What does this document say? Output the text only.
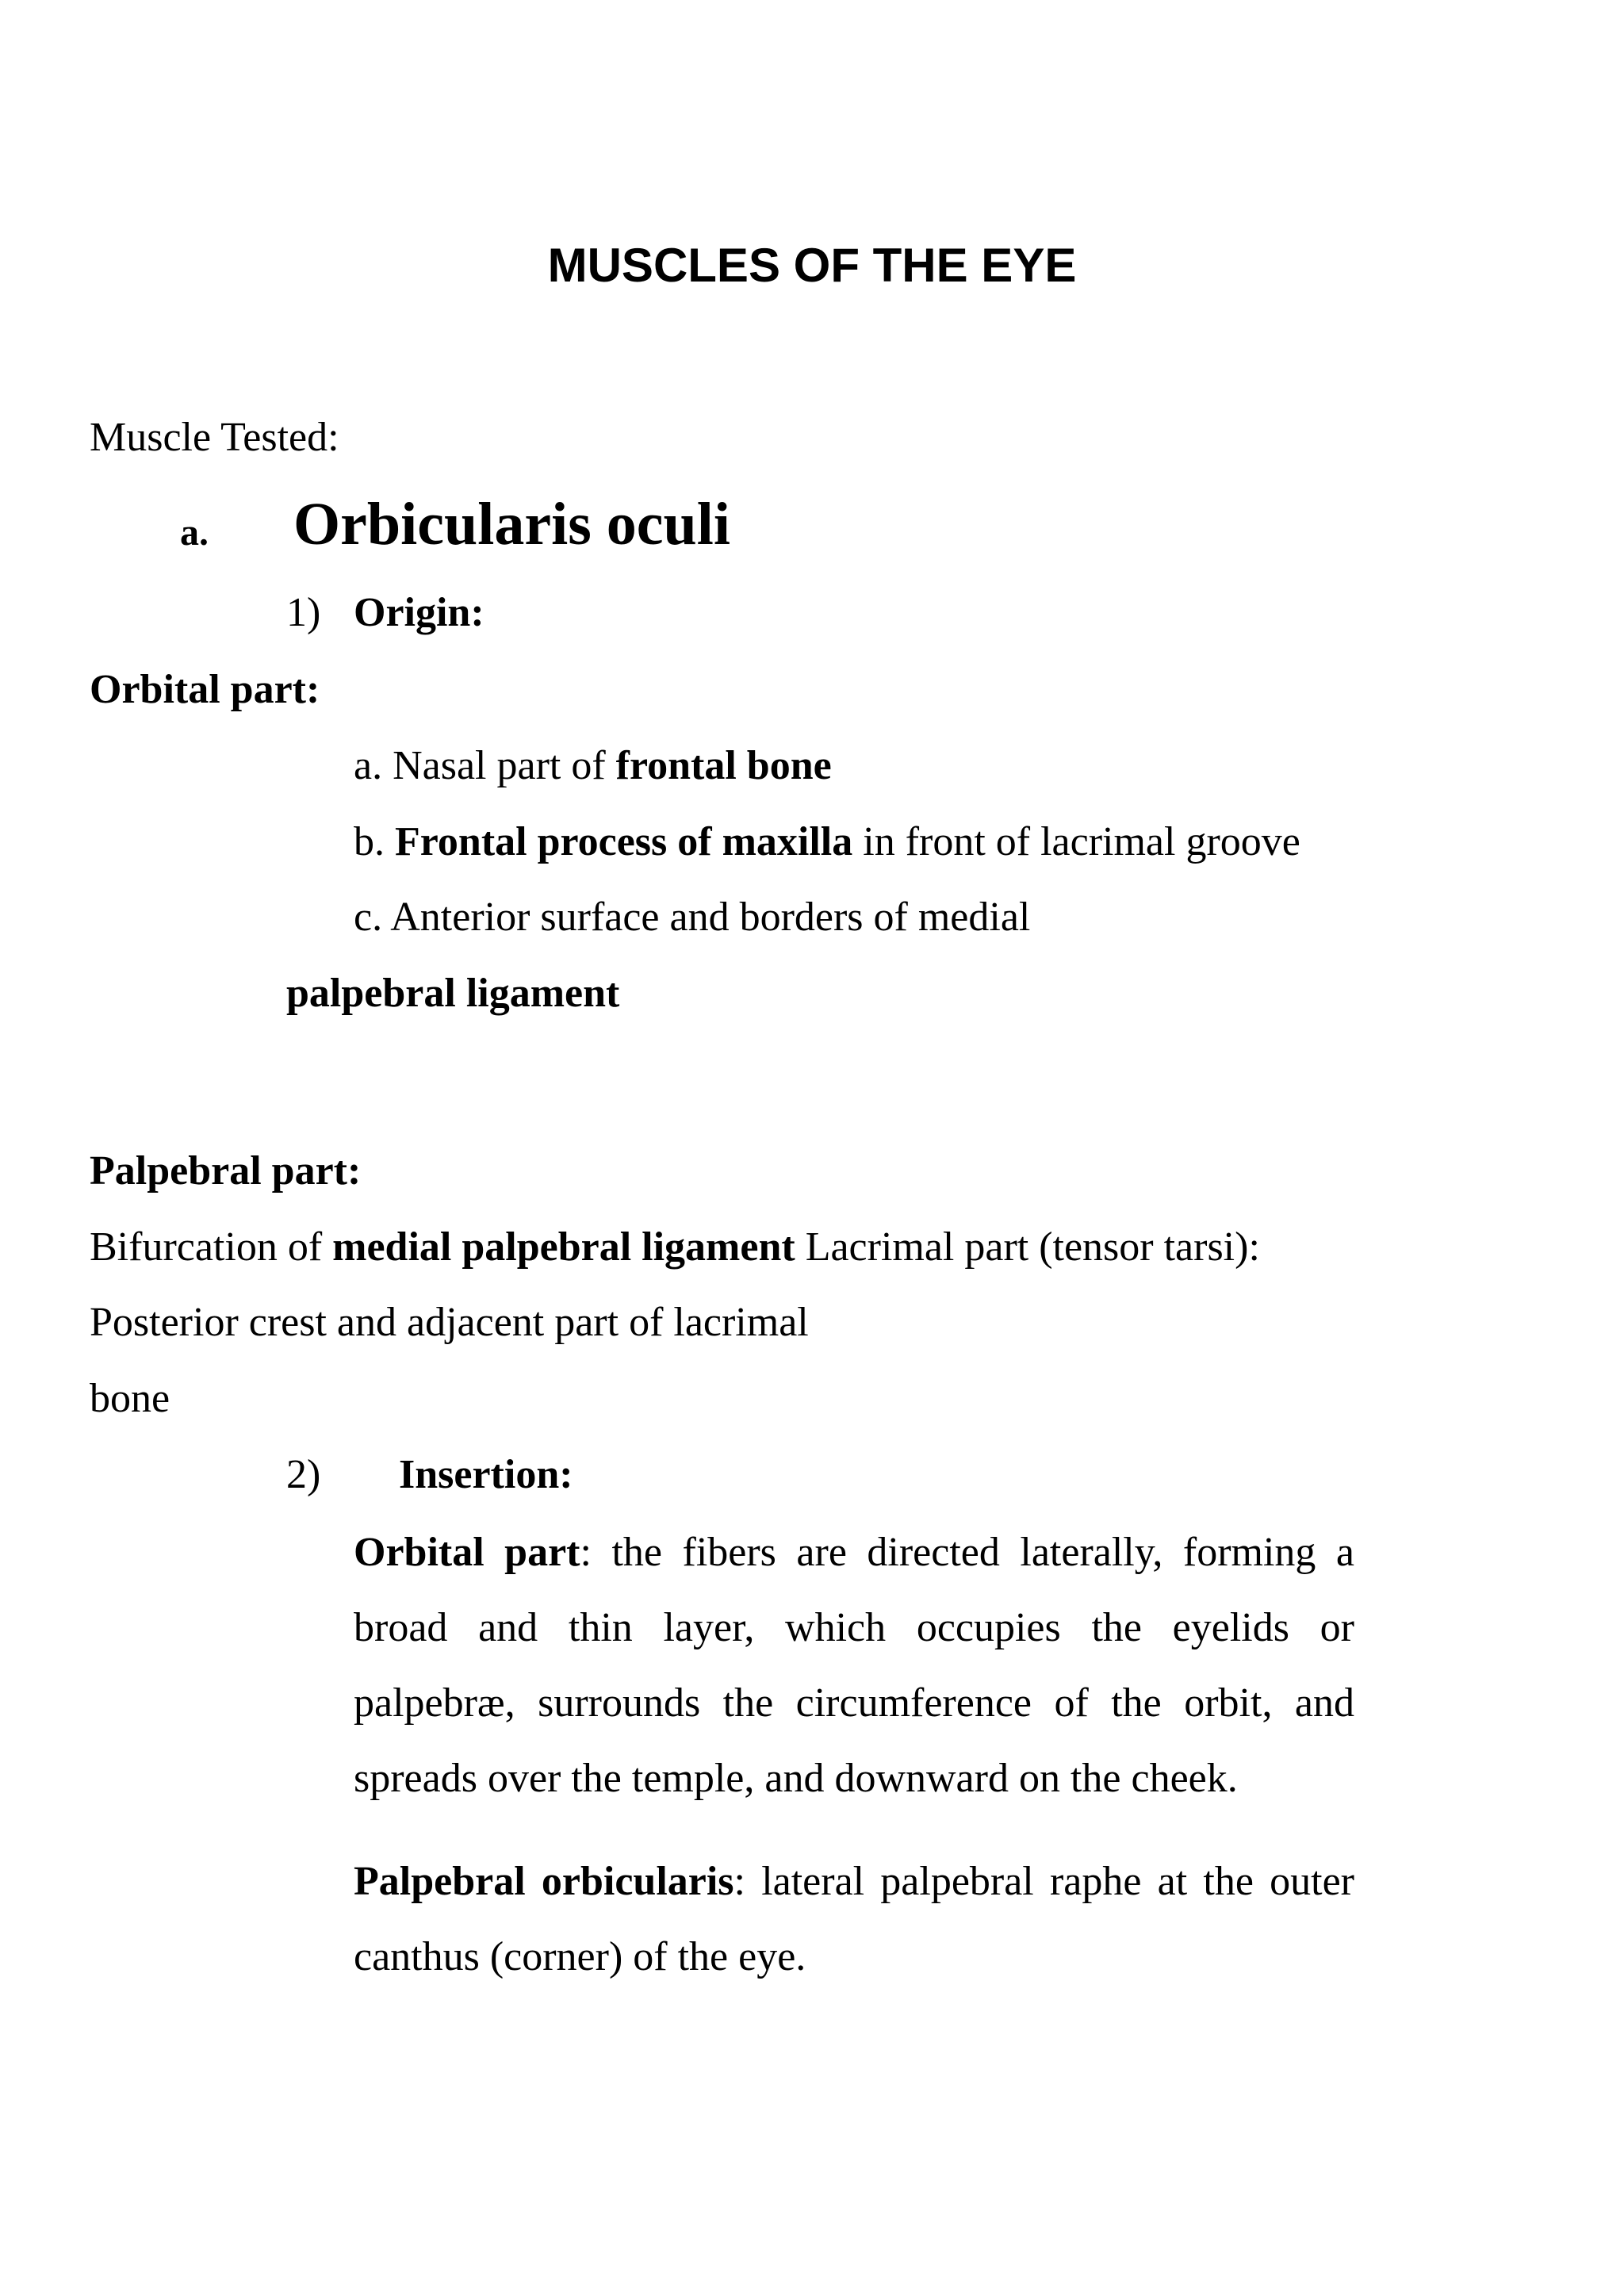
MUSCLES OF THE EYE
Muscle Tested:
a. Orbicularis oculi
1) Origin:
Orbital part:
a. Nasal part of frontal bone
b. Frontal process of maxilla in front of lacrimal groove
c. Anterior surface and borders of medial
palpebral ligament
Palpebral part:
Bifurcation of medial palpebral ligament Lacrimal part (tensor tarsi):
Posterior crest and adjacent part of lacrimal
bone
2) Insertion:
Orbital part: the fibers are directed laterally, forming a broad and thin layer, which occupies the eyelids or palpebræ, surrounds the circumference of the orbit, and spreads over the temple, and downward on the cheek.
Palpebral orbicularis: lateral palpebral raphe at the outer canthus (corner) of the eye.
